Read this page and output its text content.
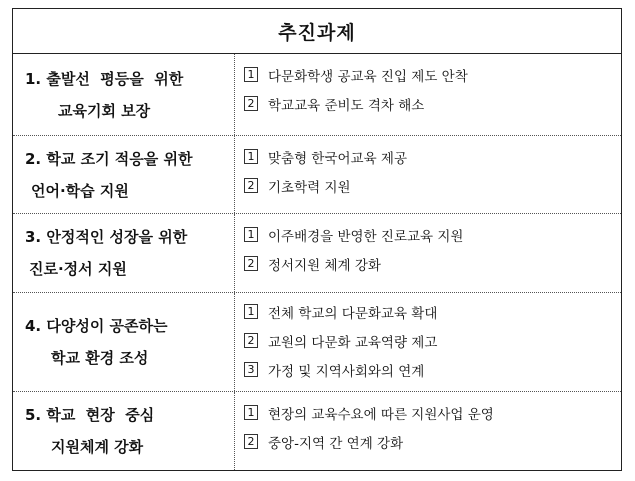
추진과제
1. 출발선  평등을  위한
교육기회 보장
1 다문화학생 공교육 진입 제도 안착
2 학교교육 준비도 격차 해소
2. 학교 조기 적응을 위한
언어·학습 지원
1 맞춤형 한국어교육 제공
2 기초학력 지원
3. 안정적인 성장을 위한
진로·정서 지원
1 이주배경을 반영한 진로교육 지원
2 정서지원 체계 강화
4. 다양성이 공존하는
학교 환경 조성
1 전체 학교의 다문화교육 확대
2 교원의 다문화 교육역량 제고
3 가정 및 지역사회와의 연계
5. 학교  현장  중심
지원체계 강화
1 현장의 교육수요에 따른 지원사업 운영
2 중앙-지역 간 연계 강화
